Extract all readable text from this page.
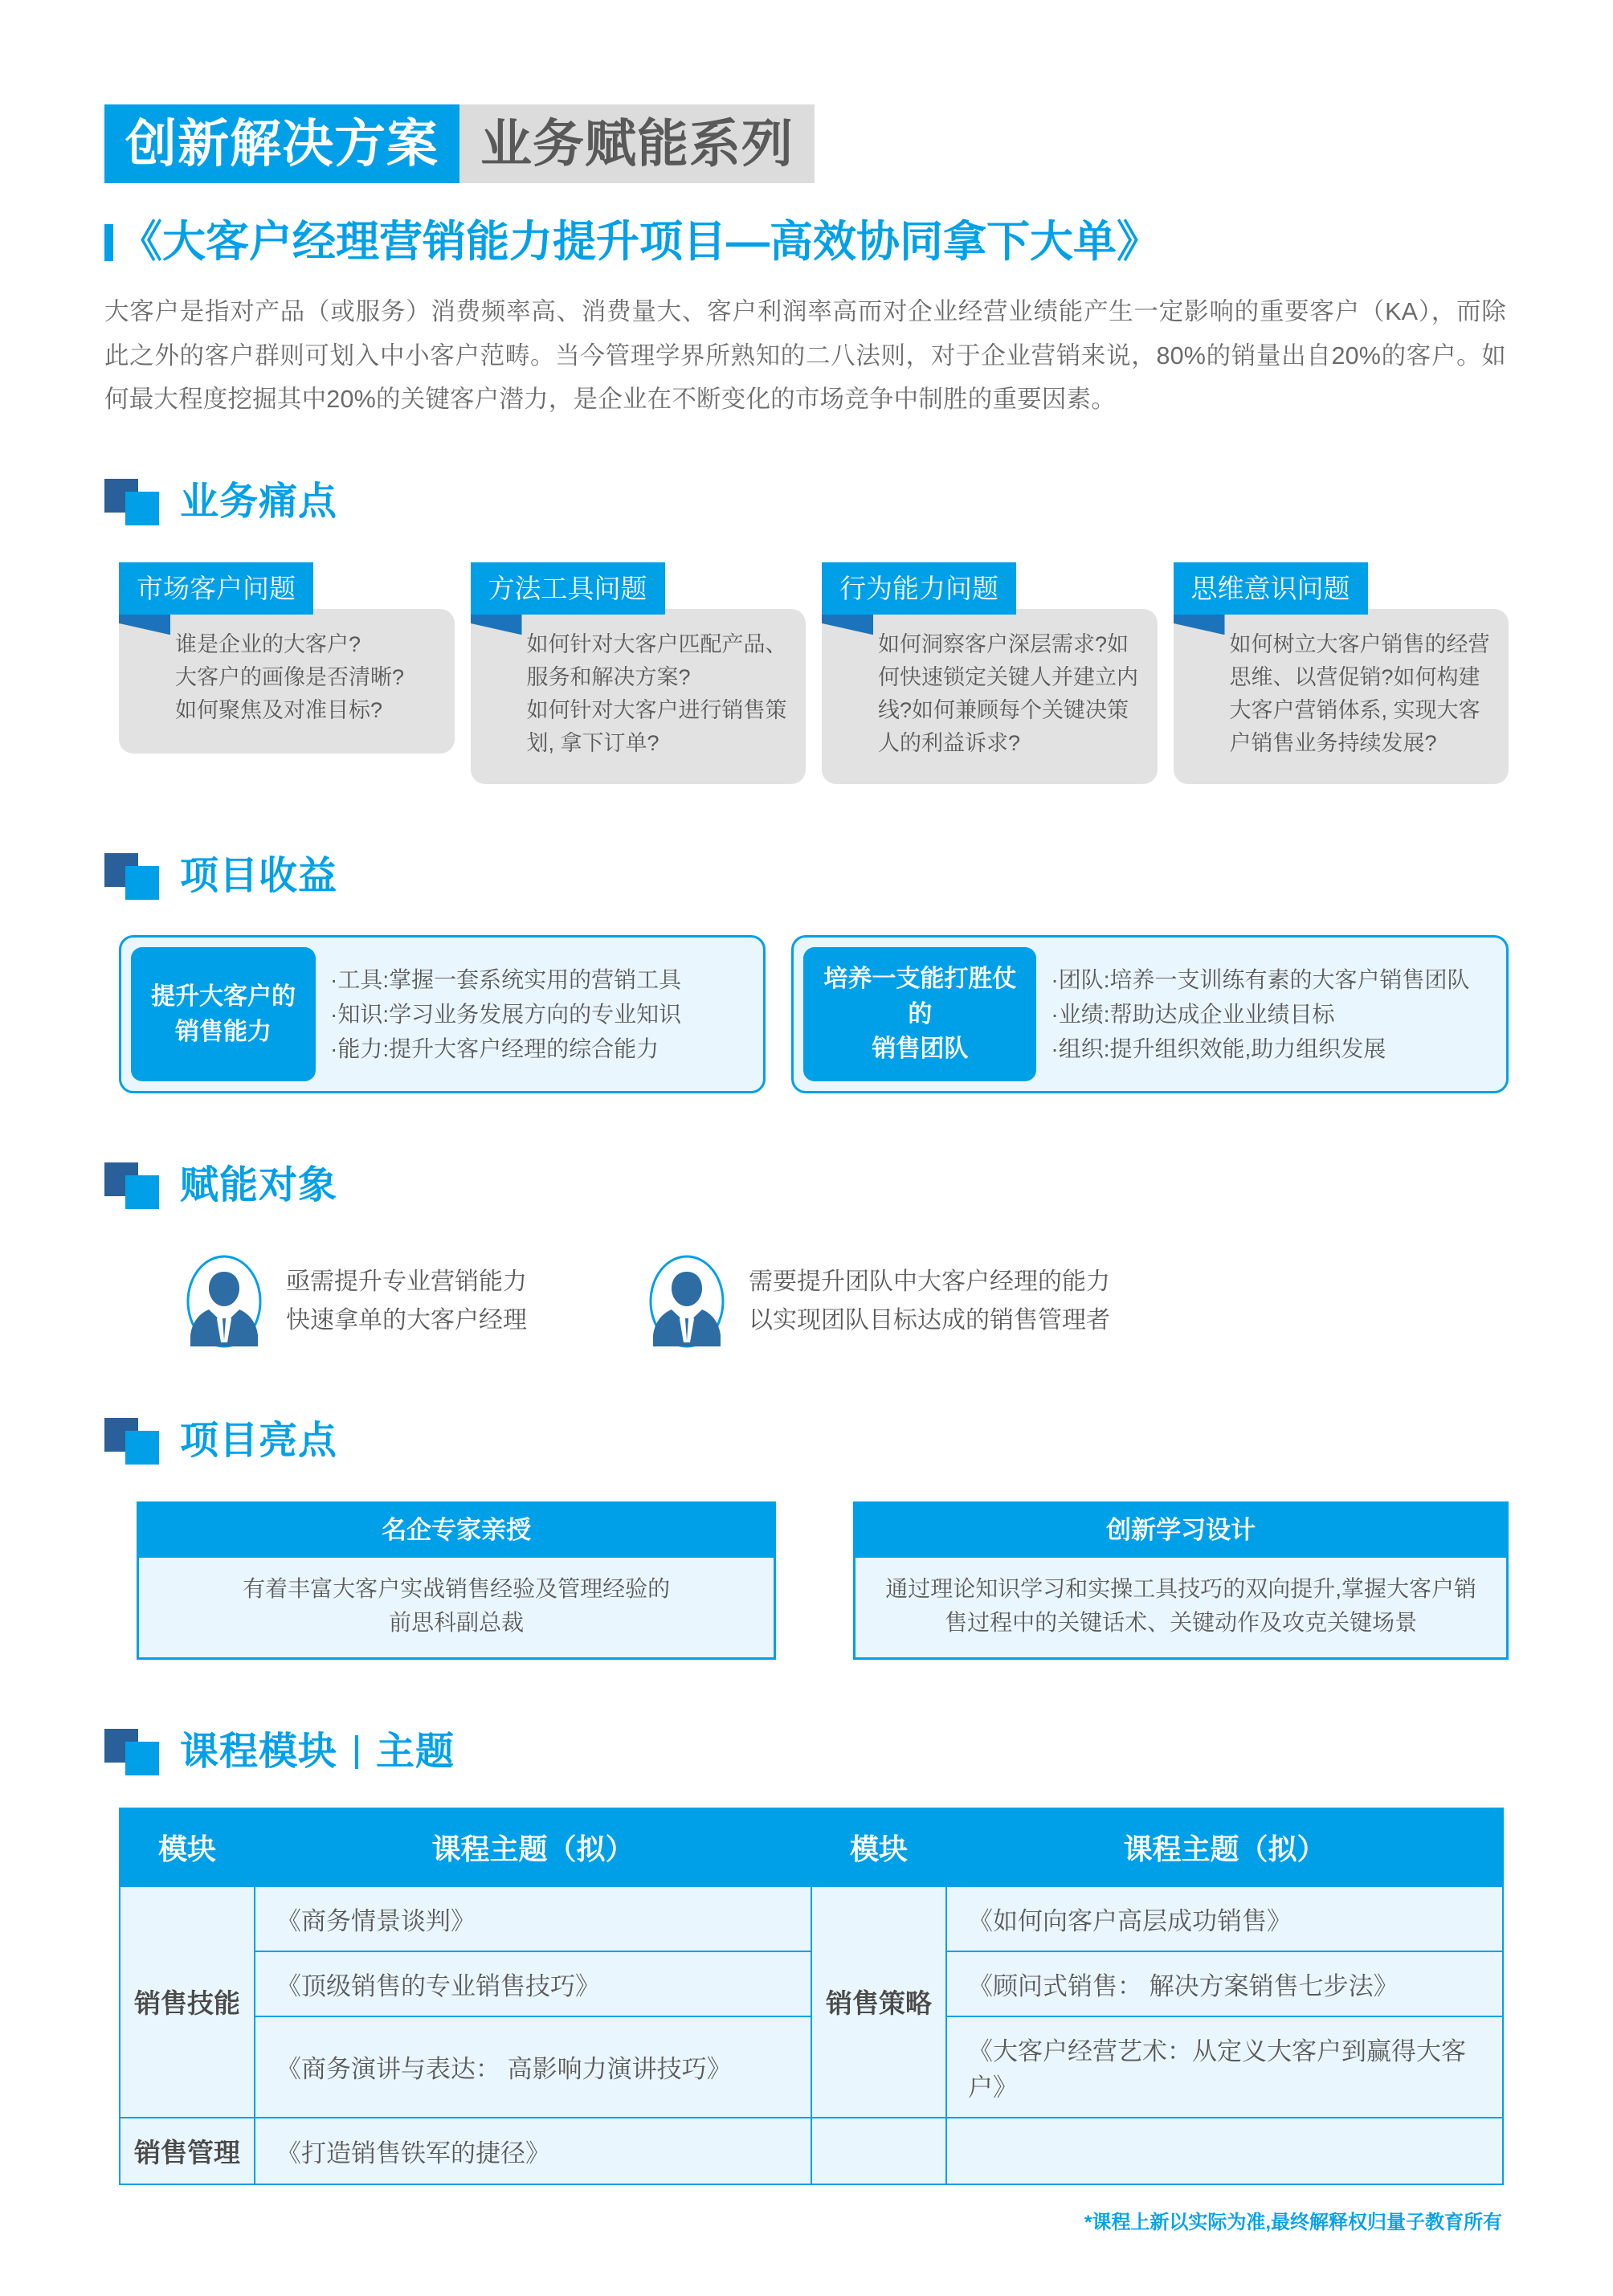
创新解决方案 业务赋能系列
《大客户经理营销能力提升项目—高效协同拿下大单》

大客户是指对产品（或服务）消费频率高、消费量大、客户利润率高而对企业经营业绩能产生一定影响的重要客户（KA），而除此之外的客户群则可划入中小客户范畴。当今管理学界所熟知的二八法则，对于企业营销来说，80%的销量出自20%的客户。如何最大程度挖掘其中20%的关键客户潜力，是企业在不断变化的市场竞争中制胜的重要因素。

业务痛点
市场客户问题

谁是企业的大客户?
大客户的画像是否清晰?
如何聚焦及对准目标?

方法工具问题

如何针对大客户匹配产品、服务和解决方案?
如何针对大客户进行销售策划, 拿下订单?

行为能力问题

如何洞察客户深层需求?如何快速锁定关键人并建立内线?如何兼顾每个关键决策人的利益诉求?

思维意识问题

如何树立大客户销售的经营思维、以营促销?如何构建大客户营销体系, 实现大客户销售业务持续发展?

项目收益
提升大客户的
销售能力
·工具:掌握一套系统实用的营销工具
·知识:学习业务发展方向的专业知识
·能力:提升大客户经理的综合能力
培养一支能打胜仗的
销售团队
·团队:培养一支训练有素的大客户销售团队
·业绩:帮助达成企业业绩目标
·组织:提升组织效能,助力组织发展
赋能对象
亟需提升专业营销能力
快速拿单的大客户经理
需要提升团队中大客户经理的能力
以实现团队目标达成的销售管理者
项目亮点
名企专家亲授
有着丰富大客户实战销售经验及管理经验的
前思科副总裁
创新学习设计
通过理论知识学习和实操工具技巧的双向提升,掌握大客户销
售过程中的关键话术、关键动作及攻克关键场景
课程模块 主题
模块	课程主题（拟）	模块	课程主题（拟）
销售技能	《商务情景谈判》	销售策略	《如何向客户高层成功销售》
	《顶级销售的专业销售技巧》		《顾问式销售： 解决方案销售七步法》
	《商务演讲与表达： 高影响力演讲技巧》		《大客户经营艺术：从定义大客户到赢得大客户》
销售管理	《打造销售铁军的捷径》		
*课程上新以实际为准,最终解释权归量子教育所有
